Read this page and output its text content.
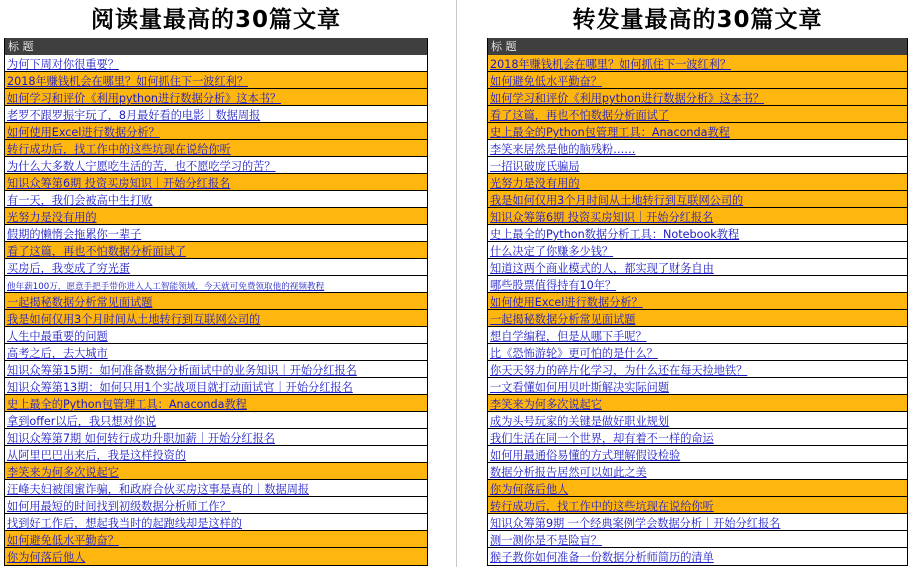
阅读量最高的30篇文章
标 题
为何下周对你很重要？
2018年赚钱机会在哪里？如何抓住下一波红利？
如何学习和评价《利用python进行数据分析》这本书？
老罗不跟罗振宇玩了，8月最好看的电影｜数据周报
如何使用Excel进行数据分析？
转行成功后，找工作中的这些坑现在说给你听
为什么大多数人宁愿吃生活的苦，也不愿吃学习的苦？
知识众筹第6期 投资买房知识｜开始分红报名
有一天，我们会被高中生打败
光努力是没有用的
假期的懒惰会拖累你一辈子
看了这篇，再也不怕数据分析面试了
买房后，我变成了穷光蛋
他年薪100万，愿意手把手带你进入人工智能领域，今天就可免费领取他的视频教程
一起揭秘数据分析常见面试题
我是如何仅用3个月时间从土地转行到互联网公司的
人生中最重要的问题
高考之后，去大城市
知识众筹第15期：如何准备数据分析面试中的业务知识｜开始分红报名
知识众筹第13期：如何只用1个实战项目就打动面试官｜开始分红报名
史上最全的Python包管理工具：Anaconda教程
拿到offer以后，我只想对你说
知识众筹第7期 如何转行成功升职加薪｜开始分红报名
从阿里巴巴出来后，我是这样投资的
李笑来为何多次说起它
汪峰夫妇被闺蜜诈骗，和政府合伙买房这事是真的｜数据周报
如何用最短的时间找到初级数据分析师工作？
找到好工作后，想起我当时的起跑线却是这样的
如何避免低水平勤奋？
你为何落后他人
转发量最高的30篇文章
标 题
2018年赚钱机会在哪里？如何抓住下一波红利？
如何避免低水平勤奋？
如何学习和评价《利用python进行数据分析》这本书？
看了这篇，再也不怕数据分析面试了
史上最全的Python包管理工具：Anaconda教程
李笑来居然是他的脑残粉……
一招识破庞氏骗局
光努力是没有用的
我是如何仅用3个月时间从土地转行到互联网公司的
知识众筹第6期 投资买房知识｜开始分红报名
史上最全的Python数据分析工具：Notebook教程
什么决定了你赚多少钱？
知道这两个商业模式的人，都实现了财务自由
哪些股票值得持有10年？
如何使用Excel进行数据分析？
一起揭秘数据分析常见面试题
想自学编程，但是从哪下手呢？
比《恐怖游轮》更可怕的是什么？
你天天努力的碎片化学习，为什么还在每天捡地铁？
一文看懂如何用贝叶斯解决实际问题
李笑来为何多次说起它
成为头号玩家的关键是做好职业规划
我们生活在同一个世界，却有着不一样的命运
如何用最通俗易懂的方式理解假设检验
数据分析报告居然可以如此之美
你为何落后他人
转行成功后，找工作中的这些坑现在说给你听
知识众筹第9期 一个经典案例学会数据分析｜开始分红报名
测一测你是不是险盲？
猴子教你如何准备一份数据分析师简历的清单
